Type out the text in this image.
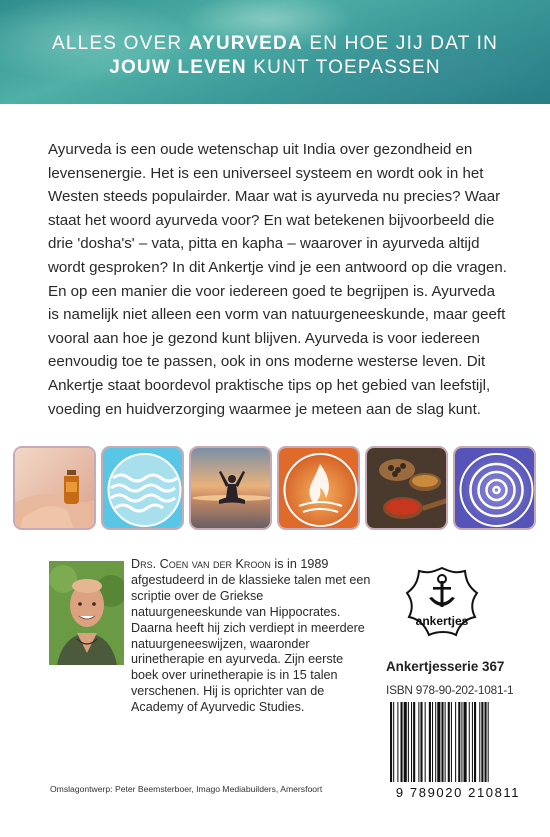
ALLES OVER AYURVEDA EN HOE JIJ DAT IN
JOUW LEVEN KUNT TOEPASSEN

Ayurveda is een oude wetenschap uit India over gezondheid en levensenergie. Het is een universeel systeem en wordt ook in het Westen steeds populairder. Maar wat is ayurveda nu precies? Waar staat het woord ayurveda voor? En wat betekenen bijvoorbeeld die drie 'dosha's' – vata, pitta en kapha – waarover in ayurveda altijd wordt gesproken? In dit Ankertje vind je een antwoord op die vragen. En op een manier die voor iedereen goed te begrijpen is. Ayurveda is namelijk niet alleen een vorm van natuurgeneeskunde, maar geeft vooral aan hoe je gezond kunt blijven. Ayurveda is voor iedereen eenvoudig toe te passen, ook in ons moderne westerse leven. Dit Ankertje staat boordevol praktische tips op het gebied van leefstijl, voeding en huidverzorging waarmee je meteen aan de slag kunt.

Drs. Coen van der Kroon is in 1989 afgestudeerd in de klassieke talen met een scriptie over de Griekse natuurgeneeskunde van Hippocrates. Daarna heeft hij zich verdiept in meerdere natuurgeneeswijzen, waaronder urinetherapie en ayurveda. Zijn eerste boek over urinetherapie is in 15 talen verschenen. Hij is oprichter van de Academy of Ayurvedic Studies.

ankertjes
Ankertjesserie 367
ISBN 978-90-202-1081-1
9 789020 210811
Omslagontwerp: Peter Beemsterboer, Imago Mediabuilders, Amersfoort
